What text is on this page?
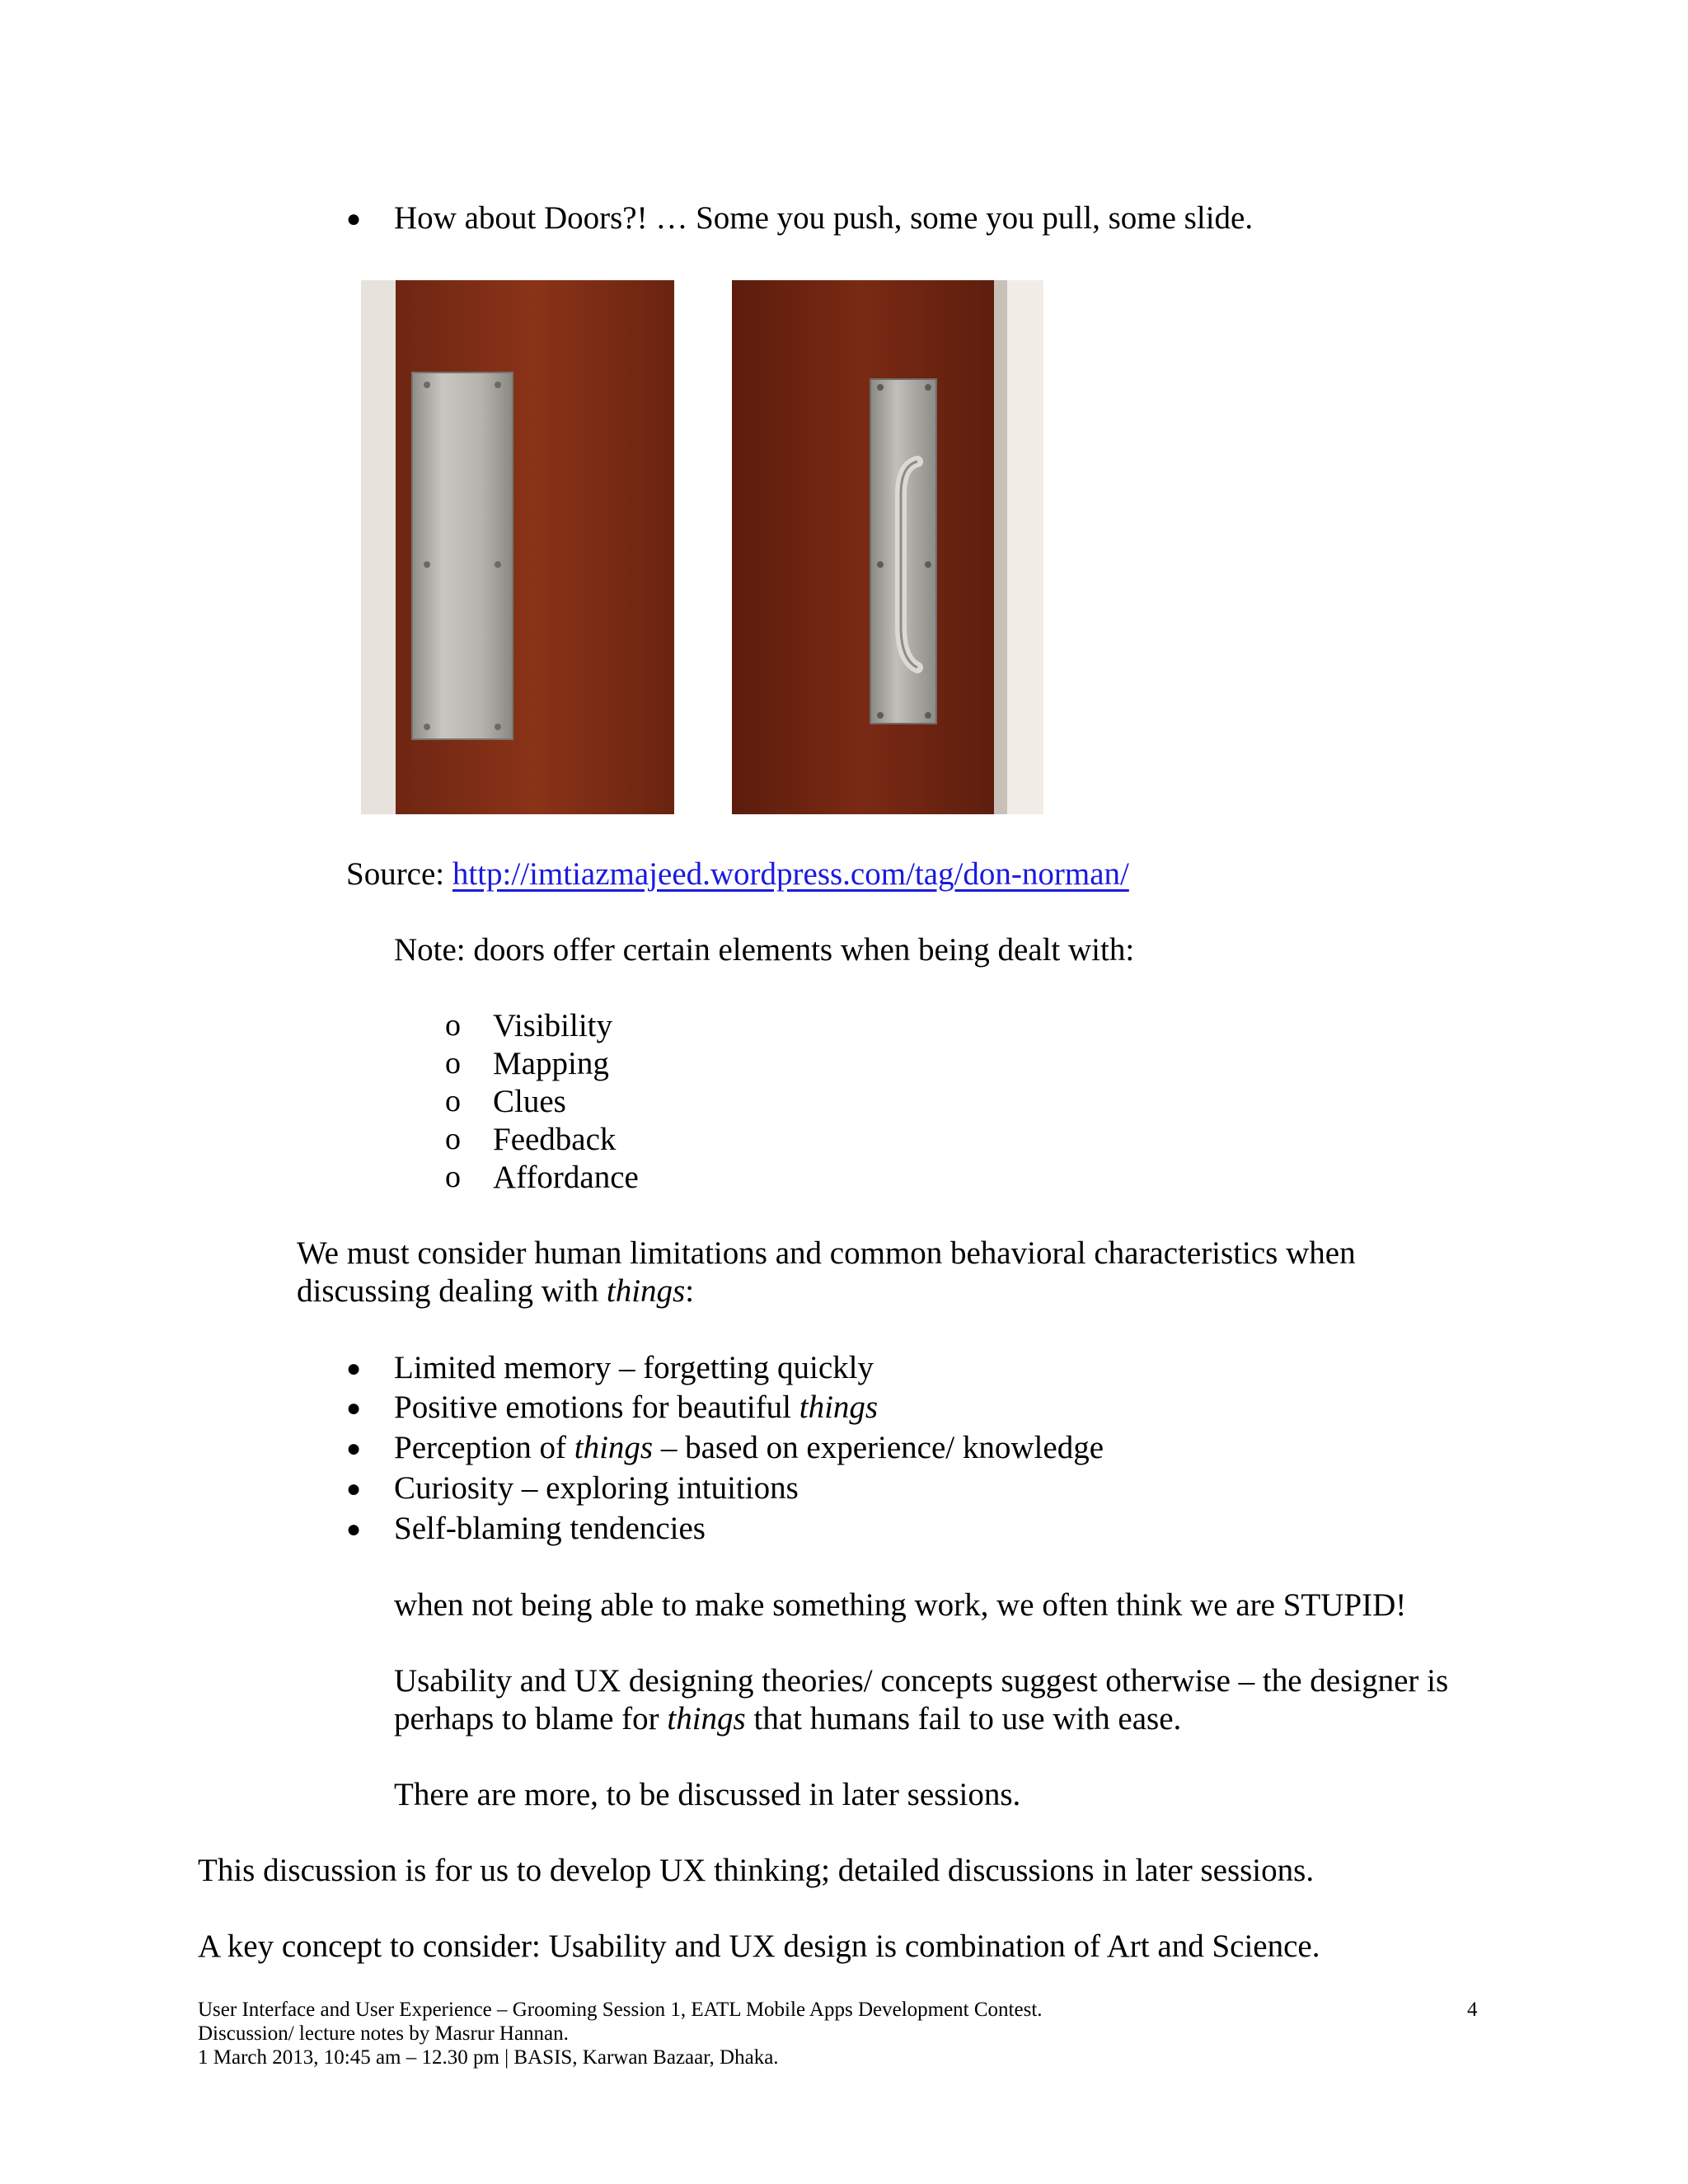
● How about Doors?! … Some you push, some you pull, some slide.
Source: http://imtiazmajeed.wordpress.com/tag/don-norman/
Note: doors offer certain elements when being dealt with:
o Visibility
o Mapping
o Clues
o Feedback
o Affordance
We must consider human limitations and common behavioral characteristics when
discussing dealing with things:
● Limited memory – forgetting quickly
● Positive emotions for beautiful things
● Perception of things – based on experience/ knowledge
● Curiosity – exploring intuitions
● Self-blaming tendencies
when not being able to make something work, we often think we are STUPID!
Usability and UX designing theories/ concepts suggest otherwise – the designer is
perhaps to blame for things that humans fail to use with ease.
There are more, to be discussed in later sessions.
This discussion is for us to develop UX thinking; detailed discussions in later sessions.
A key concept to consider: Usability and UX design is combination of Art and Science.
User Interface and User Experience – Grooming Session 1, EATL Mobile Apps Development Contest.	4
Discussion/ lecture notes by Masrur Hannan.
1 March 2013, 10:45 am – 12.30 pm | BASIS, Karwan Bazaar, Dhaka.
